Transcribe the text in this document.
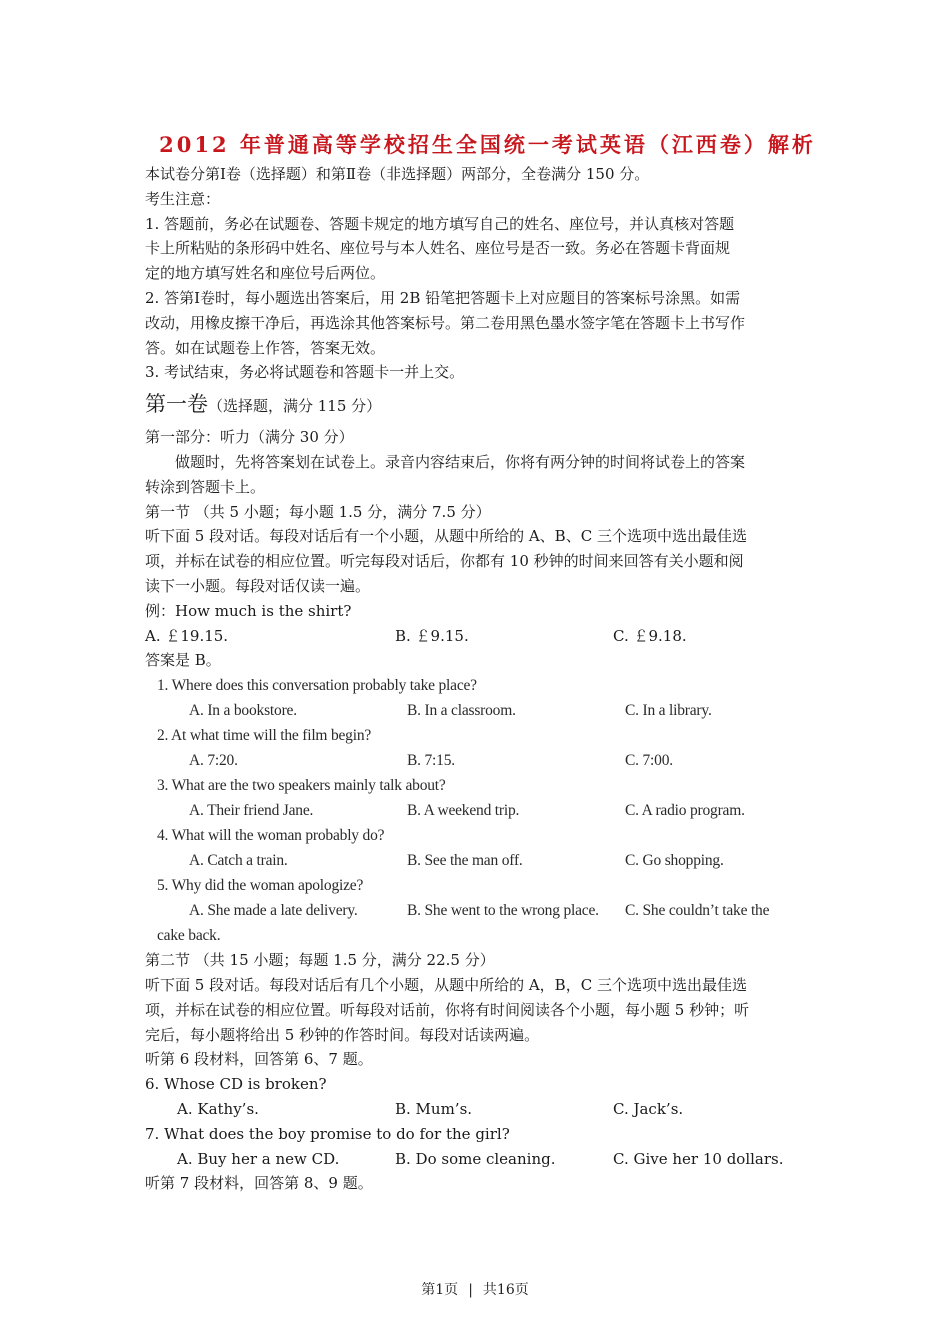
2012 年普通高等学校招生全国统一考试英语（江西卷）解析
本试卷分第Ⅰ卷（选择题）和第Ⅱ卷（非选择题）两部分，全卷满分 150 分。
考生注意：
1. 答题前，务必在试题卷、答题卡规定的地方填写自己的姓名、座位号，并认真核对答题
卡上所粘贴的条形码中姓名、座位号与本人姓名、座位号是否一致。务必在答题卡背面规
定的地方填写姓名和座位号后两位。
2. 答第Ⅰ卷时，每小题选出答案后，用 2B 铅笔把答题卡上对应题目的答案标号涂黑。如需
改动，用橡皮擦干净后，再选涂其他答案标号。第二卷用黑色墨水签字笔在答题卡上书写作
答。如在试题卷上作答，答案无效。
3. 考试结束，务必将试题卷和答题卡一并上交。
第一卷（选择题，满分 115 分）
第一部分：听力（满分 30 分）
做题时，先将答案划在试卷上。录音内容结束后，你将有两分钟的时间将试卷上的答案
转涂到答题卡上。
第一节 （共 5 小题；每小题 1.5 分，满分 7.5 分）
听下面 5 段对话。每段对话后有一个小题，从题中所给的 A、B、C 三个选项中选出最佳选
项，并标在试卷的相应位置。听完每段对话后，你都有 10 秒钟的时间来回答有关小题和阅
读下一小题。每段对话仅读一遍。
例：How much is the shirt?
A. ￡19.15.	B. ￡9.15.	C. ￡9.18.
答案是 B。
1. Where does this conversation probably take place?
A. In a bookstore.	B. In a classroom.	C. In a library.
2. At what time will the film begin?
A. 7:20.	B. 7:15.	C. 7:00.
3. What are the two speakers mainly talk about?
A. Their friend Jane.	B. A weekend trip.	C. A radio program.
4. What will the woman probably do?
A. Catch a train.	B. See the man off.	C. Go shopping.
5. Why did the woman apologize?
A. She made a late delivery.	B. She went to the wrong place.	C. She couldn’t take the
cake back.
第二节 （共 15 小题；每题 1.5 分，满分 22.5 分）
听下面 5 段对话。每段对话后有几个小题，从题中所给的 A，B，C 三个选项中选出最佳选
项，并标在试卷的相应位置。听每段对话前，你将有时间阅读各个小题，每小题 5 秒钟；听
完后，每小题将给出 5 秒钟的作答时间。每段对话读两遍。
听第 6 段材料，回答第 6、7 题。
6. Whose CD is broken?
A. Kathy’s.	B. Mum’s.	C. Jack’s.
7. What does the boy promise to do for the girl?
A. Buy her a new CD.	B. Do some cleaning.	C. Give her 10 dollars.
听第 7 段材料，回答第 8、9 题。
第1页 | 共16页
